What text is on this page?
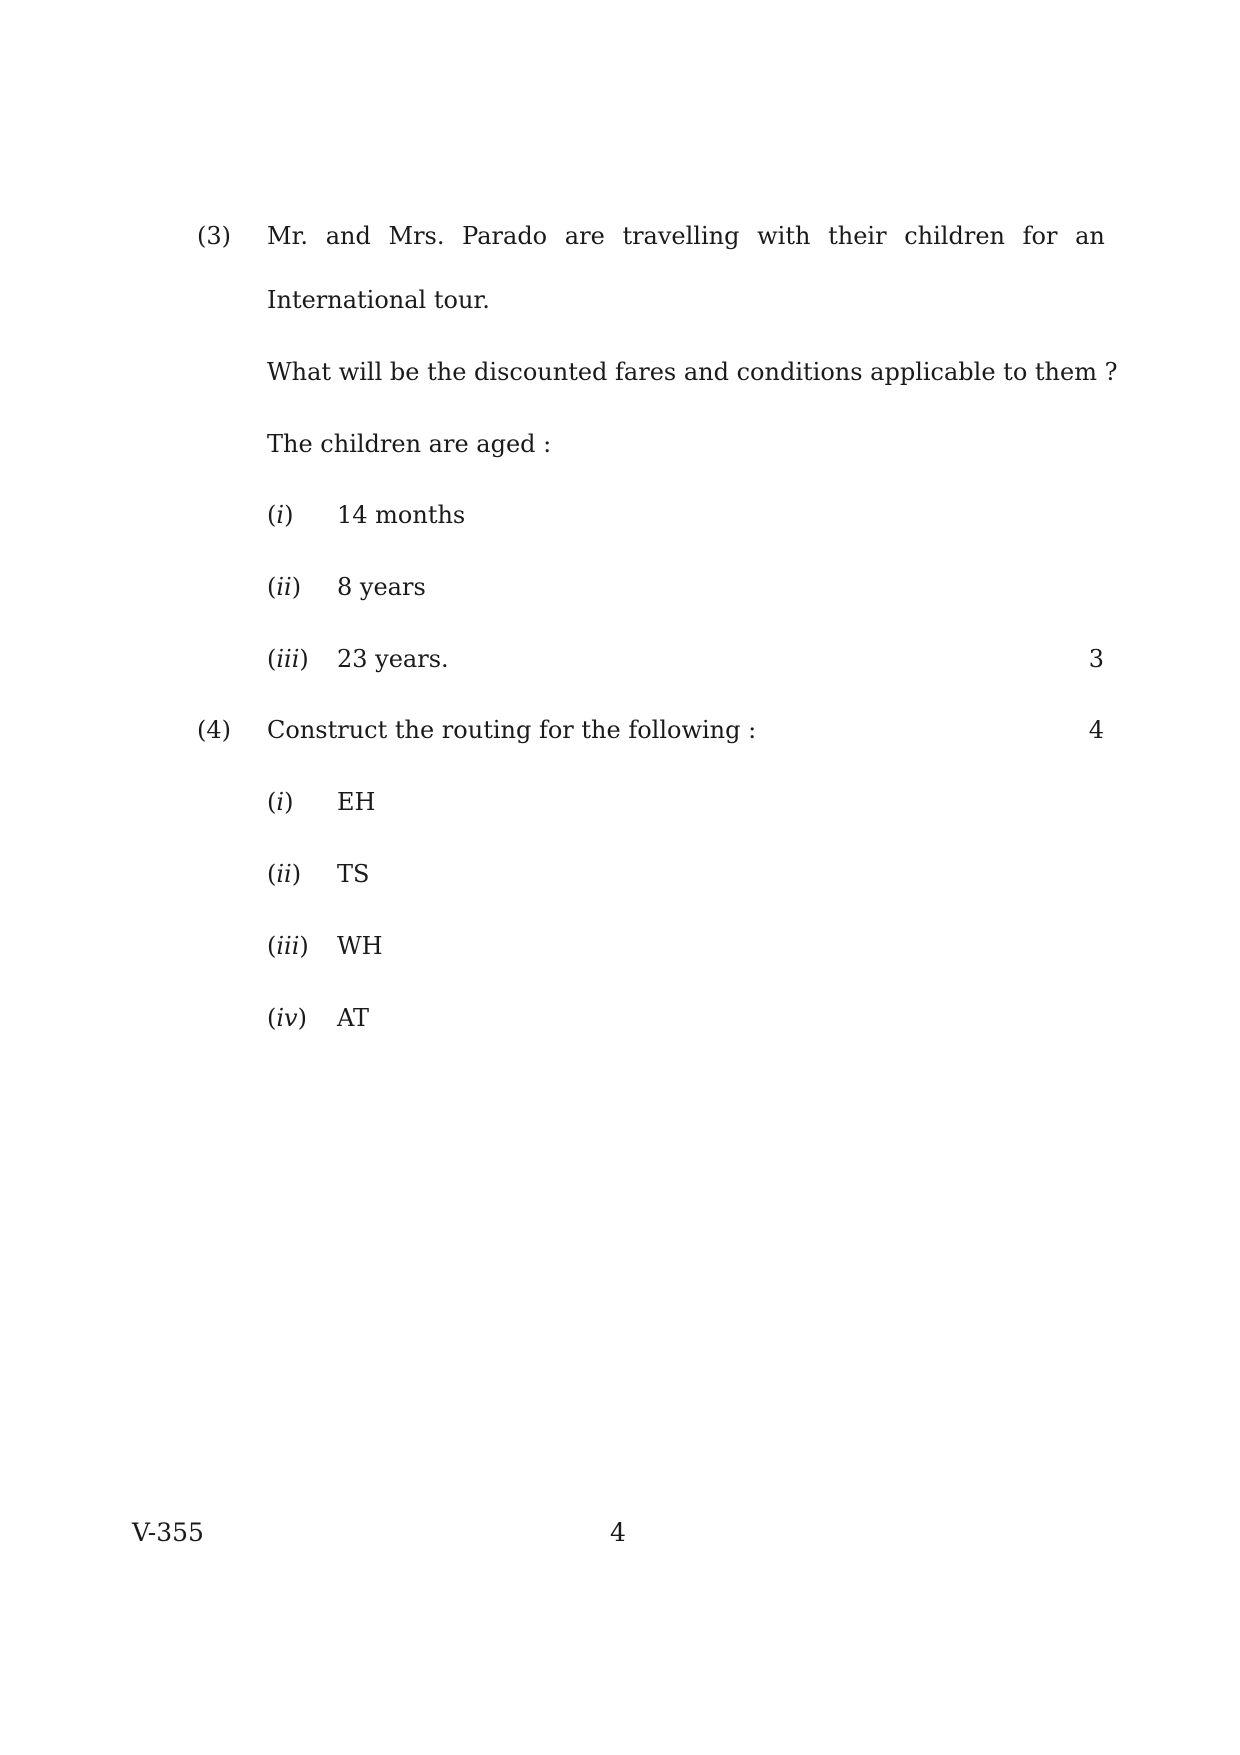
(3) Mr. and Mrs. Parado are travelling with their children for an
International tour.
What will be the discounted fares and conditions applicable to them ?
The children are aged :
(i) 14 months
(ii) 8 years
(iii) 23 years.	3
(4) Construct the routing for the following :	4
(i) EH
(ii) TS
(iii) WH
(iv) AT
V-355	4
